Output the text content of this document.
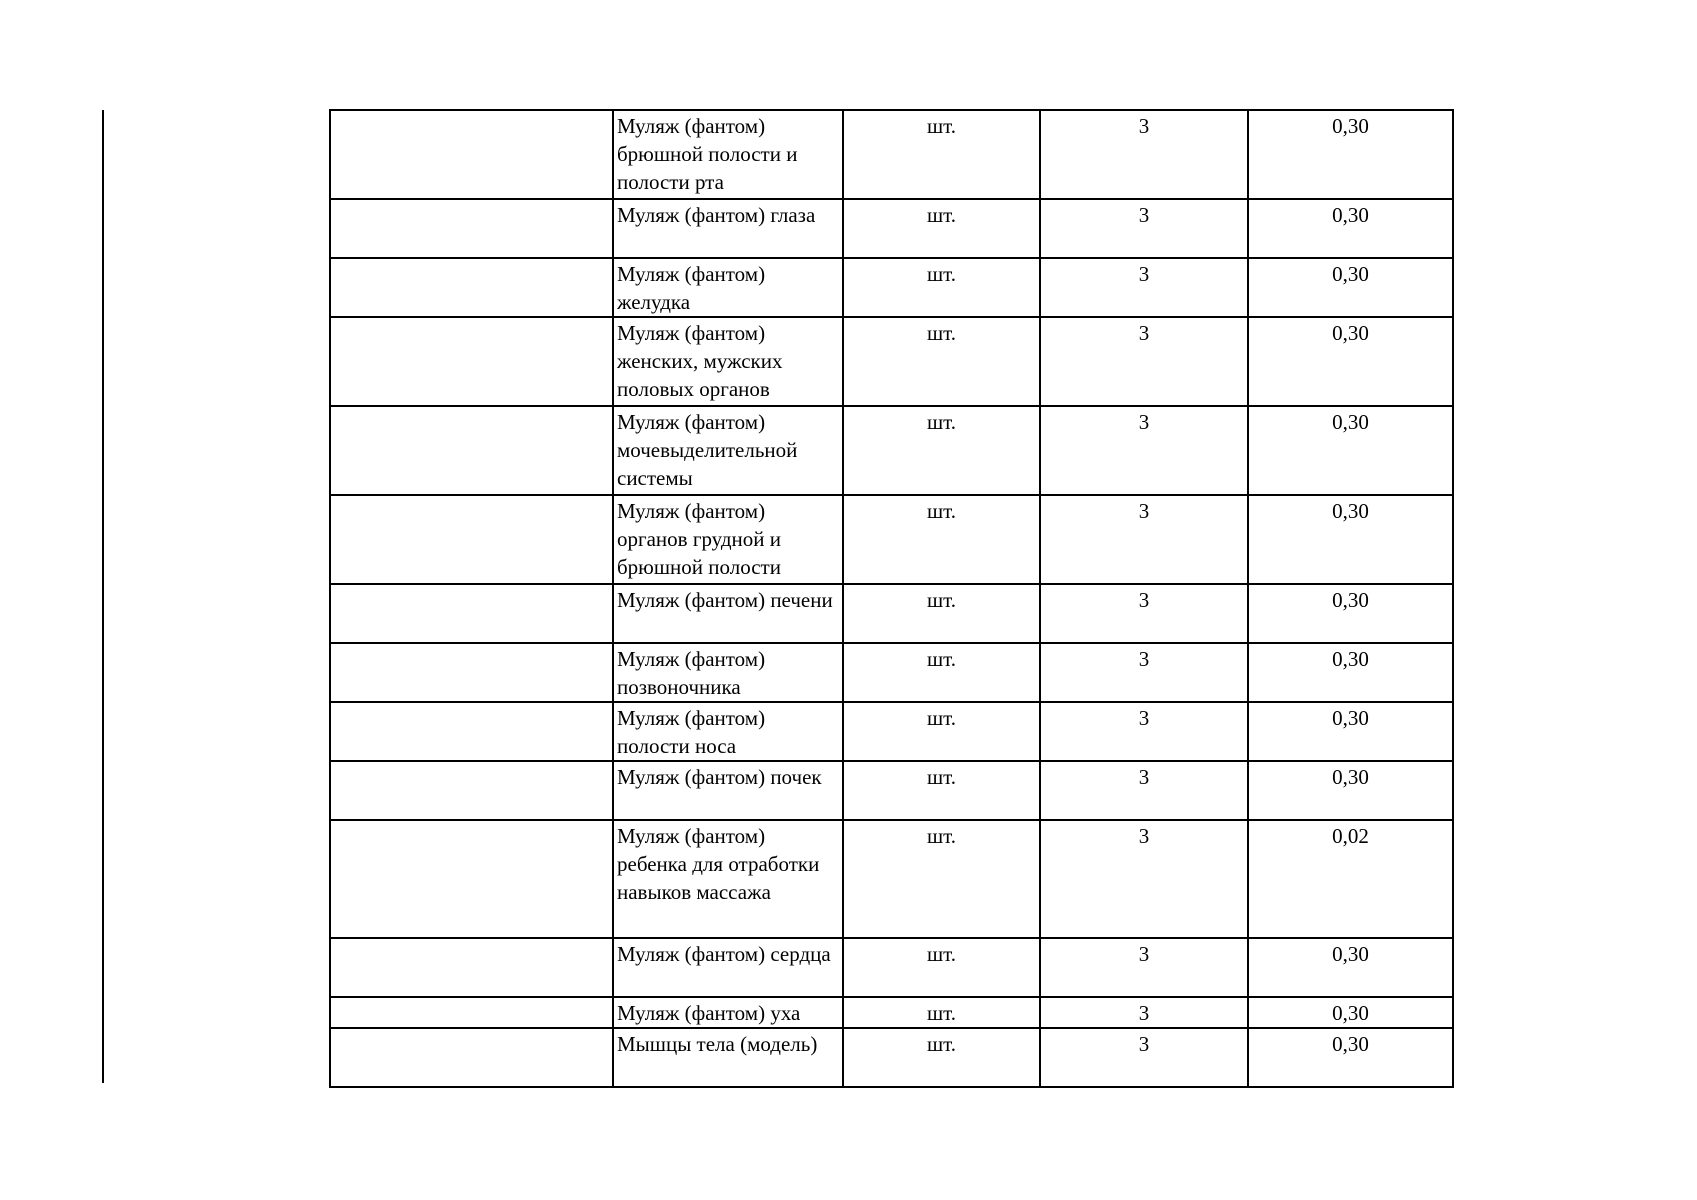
	Муляж (фантом) брюшной полости и полости рта	шт.	3	0,30
	Муляж (фантом) глаза	шт.	3	0,30
	Муляж (фантом) желудка	шт.	3	0,30
	Муляж (фантом) женских, мужских половых органов	шт.	3	0,30
	Муляж (фантом) мочевыделительной системы	шт.	3	0,30
	Муляж (фантом) органов грудной и брюшной полости	шт.	3	0,30
	Муляж (фантом) печени	шт.	3	0,30
	Муляж (фантом) позвоночника	шт.	3	0,30
	Муляж (фантом) полости носа	шт.	3	0,30
	Муляж (фантом) почек	шт.	3	0,30
	Муляж (фантом) ребенка для отработки навыков массажа	шт.	3	0,02
	Муляж (фантом) сердца	шт.	3	0,30
	Муляж (фантом) уха	шт.	3	0,30
	Мышцы тела (модель)	шт.	3	0,30
